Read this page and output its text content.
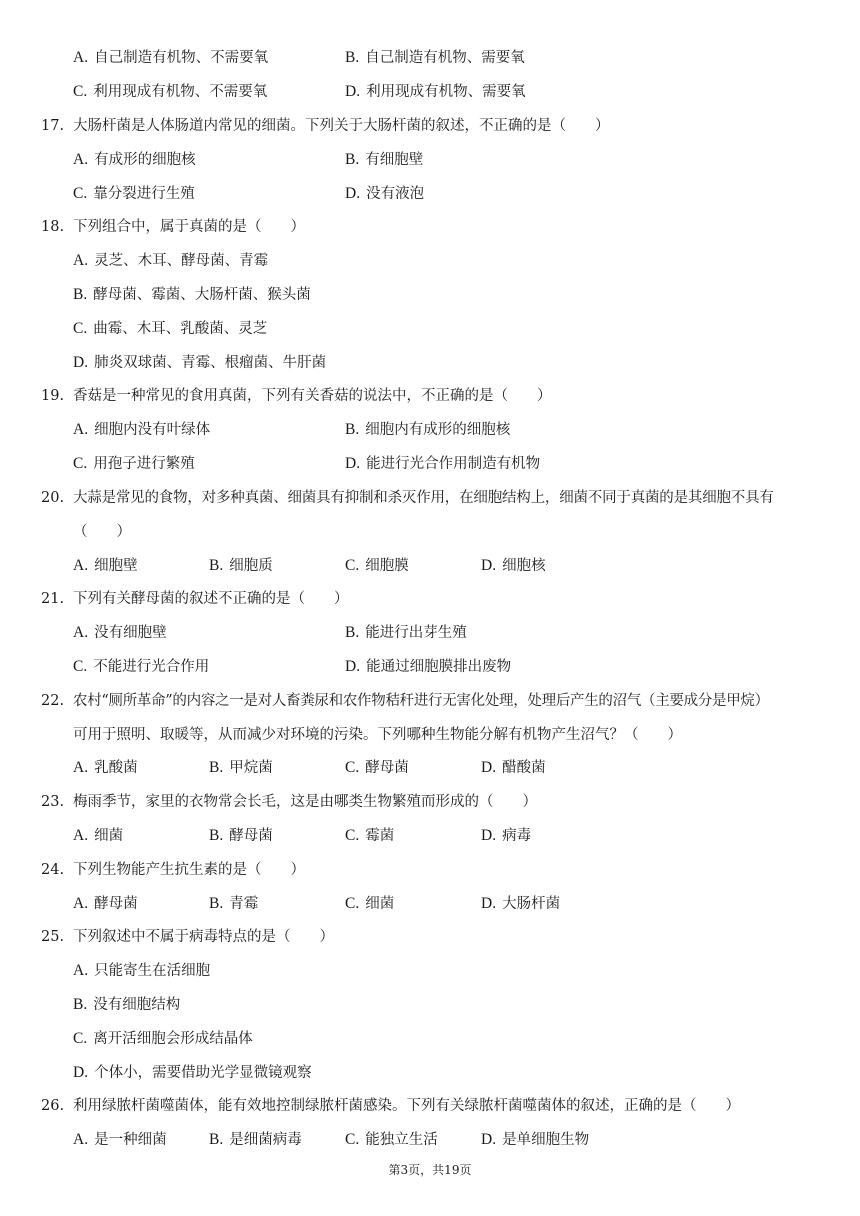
A. 自己制造有机物、不需要氧	B. 自己制造有机物、需要氧
C. 利用现成有机物、不需要氧	D. 利用现成有机物、需要氧
17. 大肠杆菌是人体肠道内常见的细菌。下列关于大肠杆菌的叙述，不正确的是（　　）
A. 有成形的细胞核	B. 有细胞壁
C. 靠分裂进行生殖	D. 没有液泡
18. 下列组合中，属于真菌的是（　　）
A. 灵芝、木耳、酵母菌、青霉
B. 酵母菌、霉菌、大肠杆菌、猴头菌
C. 曲霉、木耳、乳酸菌、灵芝
D. 肺炎双球菌、青霉、根瘤菌、牛肝菌
19. 香菇是一种常见的食用真菌，下列有关香菇的说法中，不正确的是（　　）
A. 细胞内没有叶绿体	B. 细胞内有成形的细胞核
C. 用孢子进行繁殖	D. 能进行光合作用制造有机物
20. 大蒜是常见的食物，对多种真菌、细菌具有抑制和杀灭作用，在细胞结构上，细菌不同于真菌的是其细胞不具有
（　　）
A. 细胞壁	B. 细胞质	C. 细胞膜	D. 细胞核
21. 下列有关酵母菌的叙述不正确的是（　　）
A. 没有细胞壁	B. 能进行出芽生殖
C. 不能进行光合作用	D. 能通过细胞膜排出废物
22. 农村“厕所革命”的内容之一是对人畜粪尿和农作物秸秆进行无害化处理，处理后产生的沼气（主要成分是甲烷）
可用于照明、取暖等，从而减少对环境的污染。下列哪种生物能分解有机物产生沼气？（　　）
A. 乳酸菌	B. 甲烷菌	C. 酵母菌	D. 醋酸菌
23. 梅雨季节，家里的衣物常会长毛，这是由哪类生物繁殖而形成的（　　）
A. 细菌	B. 酵母菌	C. 霉菌	D. 病毒
24. 下列生物能产生抗生素的是（　　）
A. 酵母菌	B. 青霉	C. 细菌	D. 大肠杆菌
25. 下列叙述中不属于病毒特点的是（　　）
A. 只能寄生在活细胞
B. 没有细胞结构
C. 离开活细胞会形成结晶体
D. 个体小，需要借助光学显微镜观察
26. 利用绿脓杆菌噬菌体，能有效地控制绿脓杆菌感染。下列有关绿脓杆菌噬菌体的叙述，正确的是（　　）
A. 是一种细菌	B. 是细菌病毒	C. 能独立生活	D. 是单细胞生物
第3页，共19页
